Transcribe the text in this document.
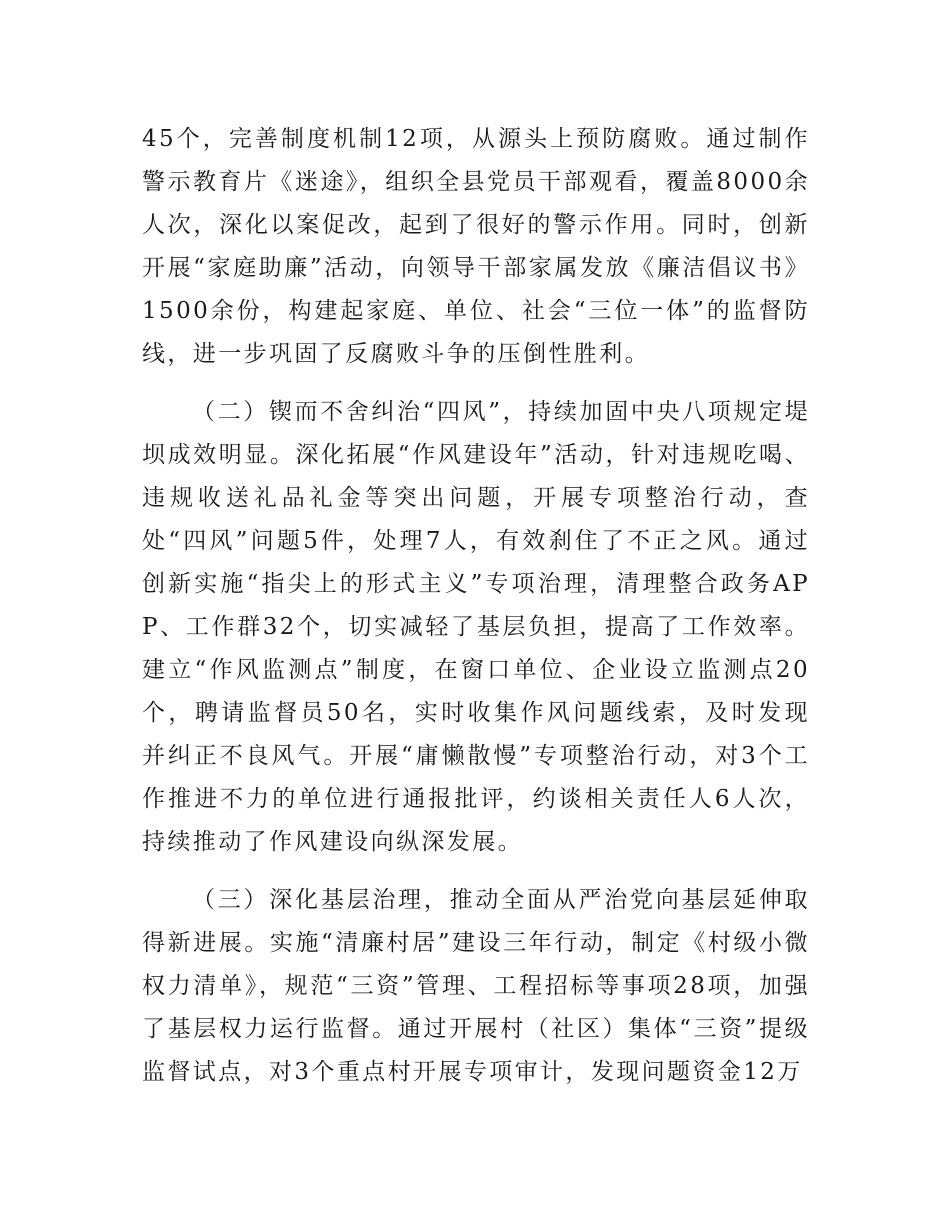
45个，完善制度机制12项，从源头上预防腐败。通过制作警示教育片《迷途》，组织全县党员干部观看，覆盖8000余人次，深化以案促改，起到了很好的警示作用。同时，创新开展“家庭助廉”活动，向领导干部家属发放《廉洁倡议书》1500余份，构建起家庭、单位、社会“三位一体”的监督防线，进一步巩固了反腐败斗争的压倒性胜利。

（二）锲而不舍纠治“四风”，持续加固中央八项规定堤坝成效明显。深化拓展“作风建设年”活动，针对违规吃喝、违规收送礼品礼金等突出问题，开展专项整治行动，查处“四风”问题5件，处理7人，有效刹住了不正之风。通过创新实施“指尖上的形式主义”专项治理，清理整合政务APP、工作群32个，切实减轻了基层负担，提高了工作效率。建立“作风监测点”制度，在窗口单位、企业设立监测点20个，聘请监督员50名，实时收集作风问题线索，及时发现并纠正不良风气。开展“庸懒散慢”专项整治行动，对3个工作推进不力的单位进行通报批评，约谈相关责任人6人次，持续推动了作风建设向纵深发展。

（三）深化基层治理，推动全面从严治党向基层延伸取得新进展。实施“清廉村居”建设三年行动，制定《村级小微权力清单》，规范“三资”管理、工程招标等事项28项，加强了基层权力运行监督。通过开展村（社区）集体“三资”提级监督试点，对3个重点村开展专项审计，发现问题资金12万
